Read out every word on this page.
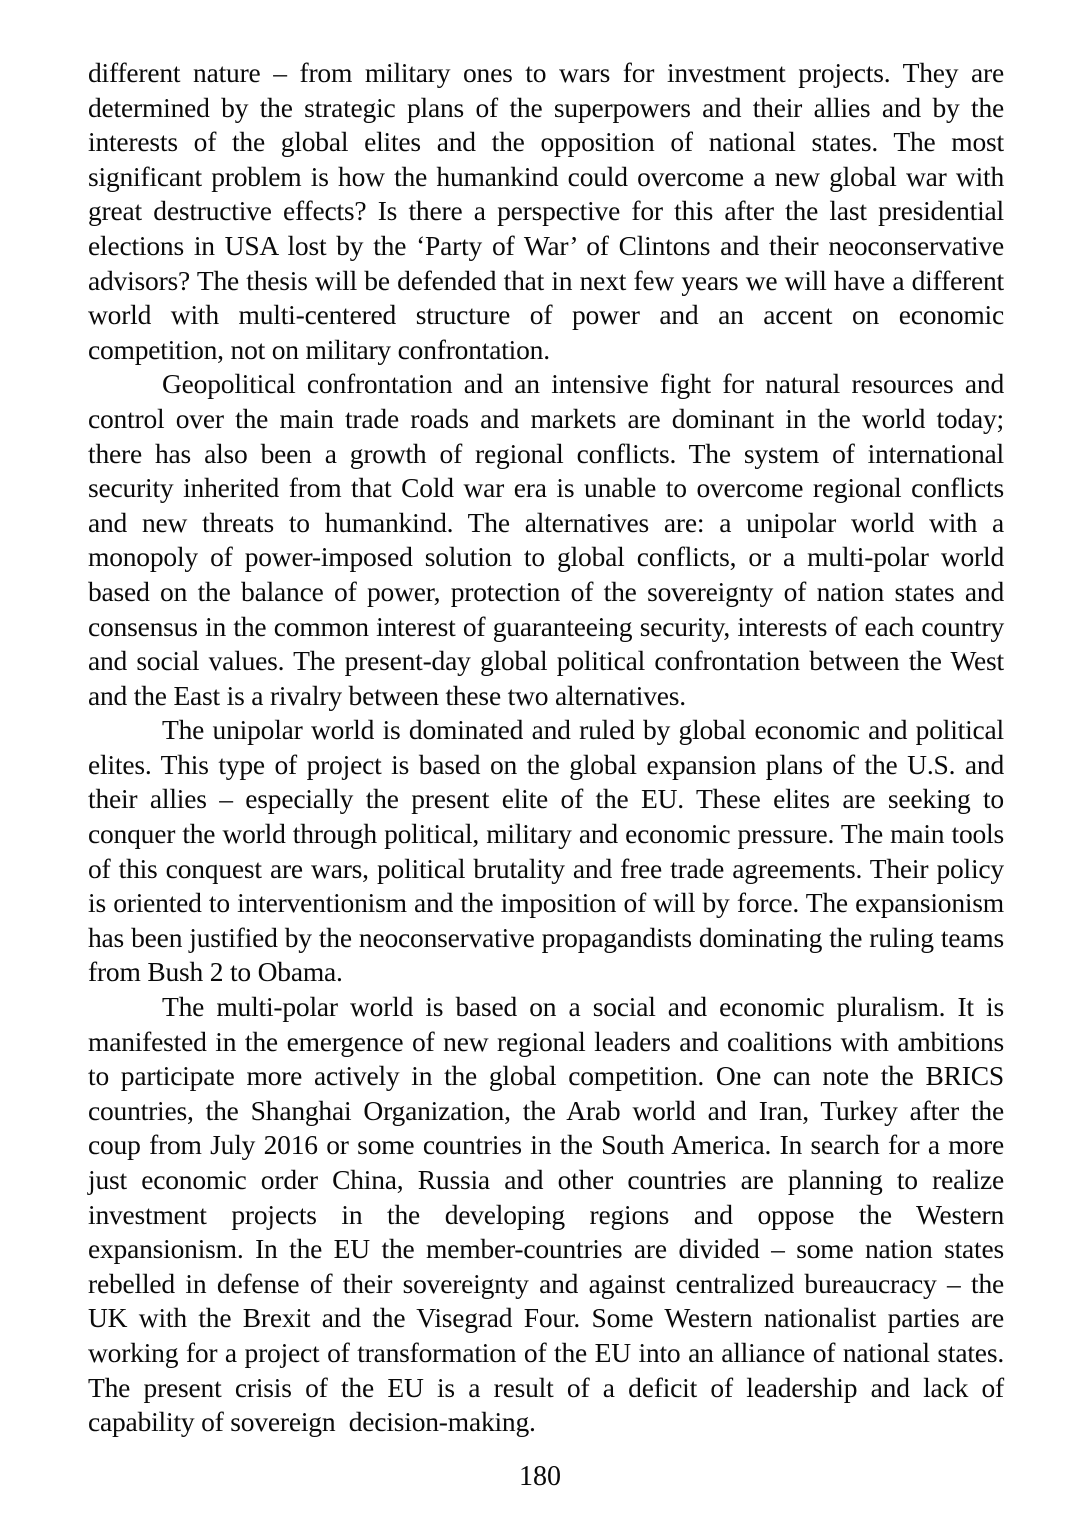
different nature – from military ones to wars for investment projects. They are determined by the strategic plans of the superpowers and their allies and by the interests of the global elites and the opposition of national states. The most significant problem is how the humankind could overcome a new global war with great destructive effects? Is there a perspective for this after the last presidential elections in USA lost by the ‘Party of War’ of Clintons and their neoconservative advisors? The thesis will be defended that in next few years we will have a different world with multi-centered structure of power and an accent on economic competition, not on military confrontation.

Geopolitical confrontation and an intensive fight for natural resources and control over the main trade roads and markets are dominant in the world today; there has also been a growth of regional conflicts. The system of international security inherited from that Cold war era is unable to overcome regional conflicts and new threats to humankind. The alternatives are: a unipolar world with a monopoly of power-imposed solution to global conflicts, or a multi-polar world based on the balance of power, protection of the sovereignty of nation states and consensus in the common interest of guaranteeing security, interests of each country and social values. The present-day global political confrontation between the West and the East is a rivalry between these two alternatives.

The unipolar world is dominated and ruled by global economic and political elites. This type of project is based on the global expansion plans of the U.S. and their allies – especially the present elite of the EU. These elites are seeking to conquer the world through political, military and economic pressure. The main tools of this conquest are wars, political brutality and free trade agreements. Their policy is oriented to interventionism and the imposition of will by force. The expansionism has been justified by the neoconservative propagandists dominating the ruling teams from Bush 2 to Obama.

The multi-polar world is based on a social and economic pluralism. It is manifested in the emergence of new regional leaders and coalitions with ambitions to participate more actively in the global competition. One can note the BRICS countries, the Shanghai Organization, the Arab world and Iran, Turkey after the coup from July 2016 or some countries in the South America. In search for a more just economic order China, Russia and other countries are planning to realize investment projects in the developing regions and oppose the Western expansionism. In the EU the member-countries are divided – some nation states rebelled in defense of their sovereignty and against centralized bureaucracy – the UK with the Brexit and the Visegrad Four. Some Western nationalist parties are working for a project of transformation of the EU into an alliance of national states. The present crisis of the EU is a result of a deficit of leadership and lack of capability of sovereign  decision-making.

180
